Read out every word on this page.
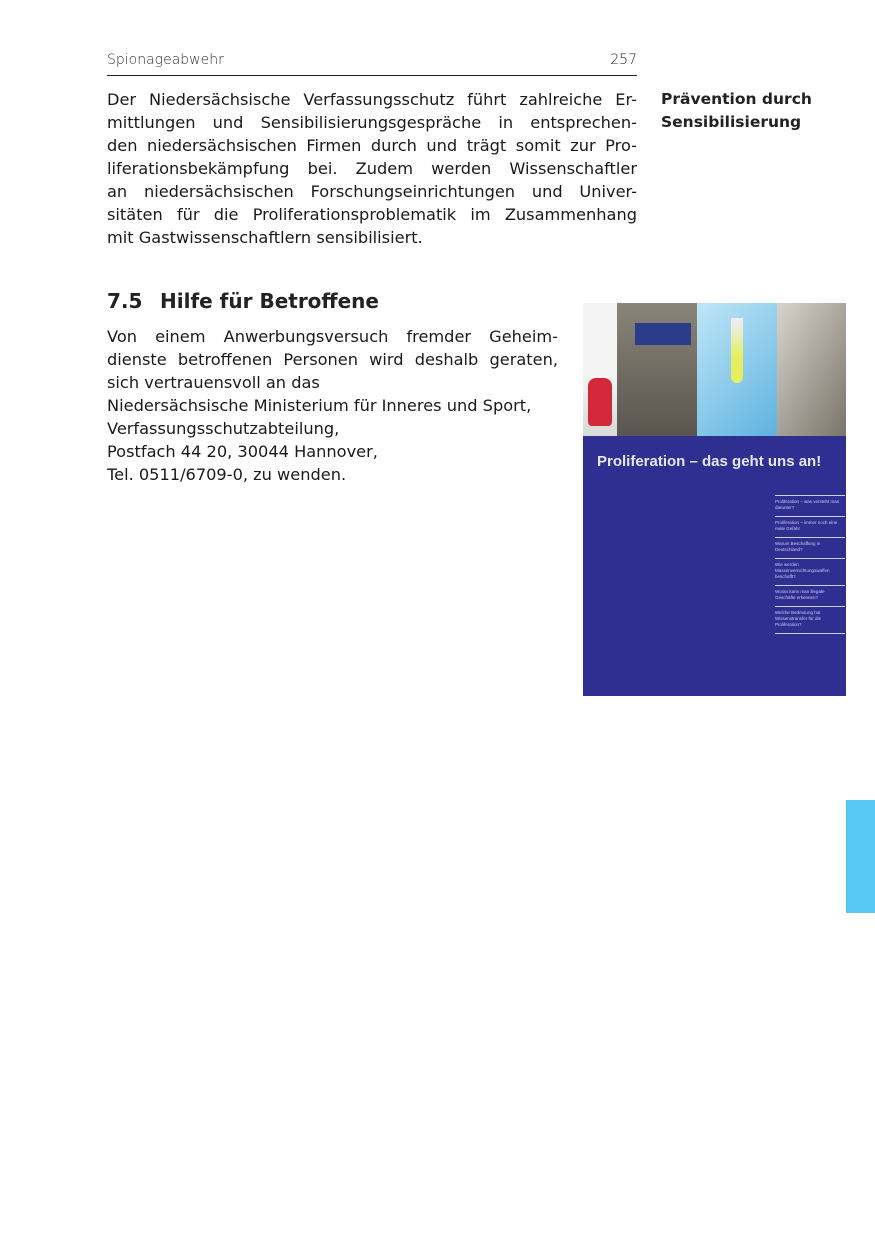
Spionageabwehr	257
Der Niedersächsische Verfassungsschutz führt zahlreiche Er-
mittlungen und Sensibilisierungsgespräche in entsprechen-
den niedersächsischen Firmen durch und trägt somit zur Pro-
liferationsbekämpfung bei. Zudem werden Wissenschaftler
an niedersächsischen Forschungseinrichtungen und Univer-
sitäten für die Proliferationsproblematik im Zusammenhang
mit Gastwissenschaftlern sensibilisiert.
Prävention durch
Sensibilisierung
7.5 Hilfe für Betroffene
Von einem Anwerbungsversuch fremder Geheim-
dienste betroffenen Personen wird deshalb geraten,
sich vertrauensvoll an das
Niedersächsische Ministerium für Inneres und Sport,
Verfassungsschutzabteilung,
Postfach 44 20, 30044 Hannover,
Tel. 0511/6709-0, zu wenden.
Proliferation – das geht uns an!
Proliferation – was versteht man darunter?
Proliferation – immer noch eine reale Gefahr
Warum Beschaffung in Deutschland?
Wie werden Massenvernichtungswaffen beschafft?
Woran kann man illegale Geschäfte erkennen?
Welche Bedeutung hat Wissenstransfer für die Proliferation?
